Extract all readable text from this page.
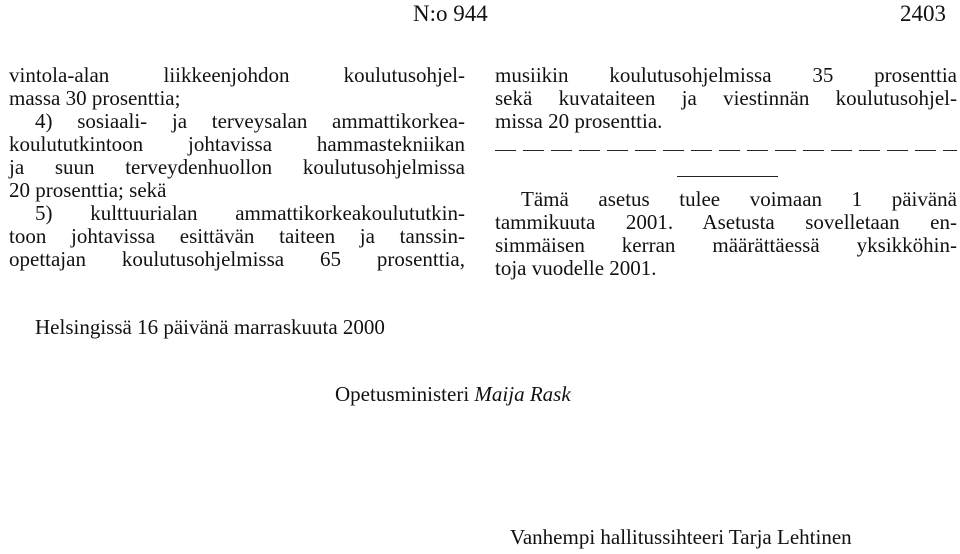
N:o 944	2403
vintola-alan liikkeenjohdon koulutusohjel-
massa 30 prosenttia;
4) sosiaali- ja terveysalan ammattikorkea-
koulututkintoon johtavissa hammastekniikan
ja suun terveydenhuollon koulutusohjelmissa
20 prosenttia; sekä
5) kulttuurialan ammattikorkeakoulututkin-
toon johtavissa esittävän taiteen ja tanssin-
opettajan koulutusohjelmissa 65 prosenttia,
musiikin koulutusohjelmissa 35 prosenttia
sekä kuvataiteen ja viestinnän koulutusohjel-
missa 20 prosenttia.
Tämä asetus tulee voimaan 1 päivänä
tammikuuta 2001. Asetusta sovelletaan en-
simmäisen kerran määrättäessä yksikköhin-
toja vuodelle 2001.
Helsingissä 16 päivänä marraskuuta 2000
Opetusministeri Maija Rask
Vanhempi hallitussihteeri Tarja Lehtinen
